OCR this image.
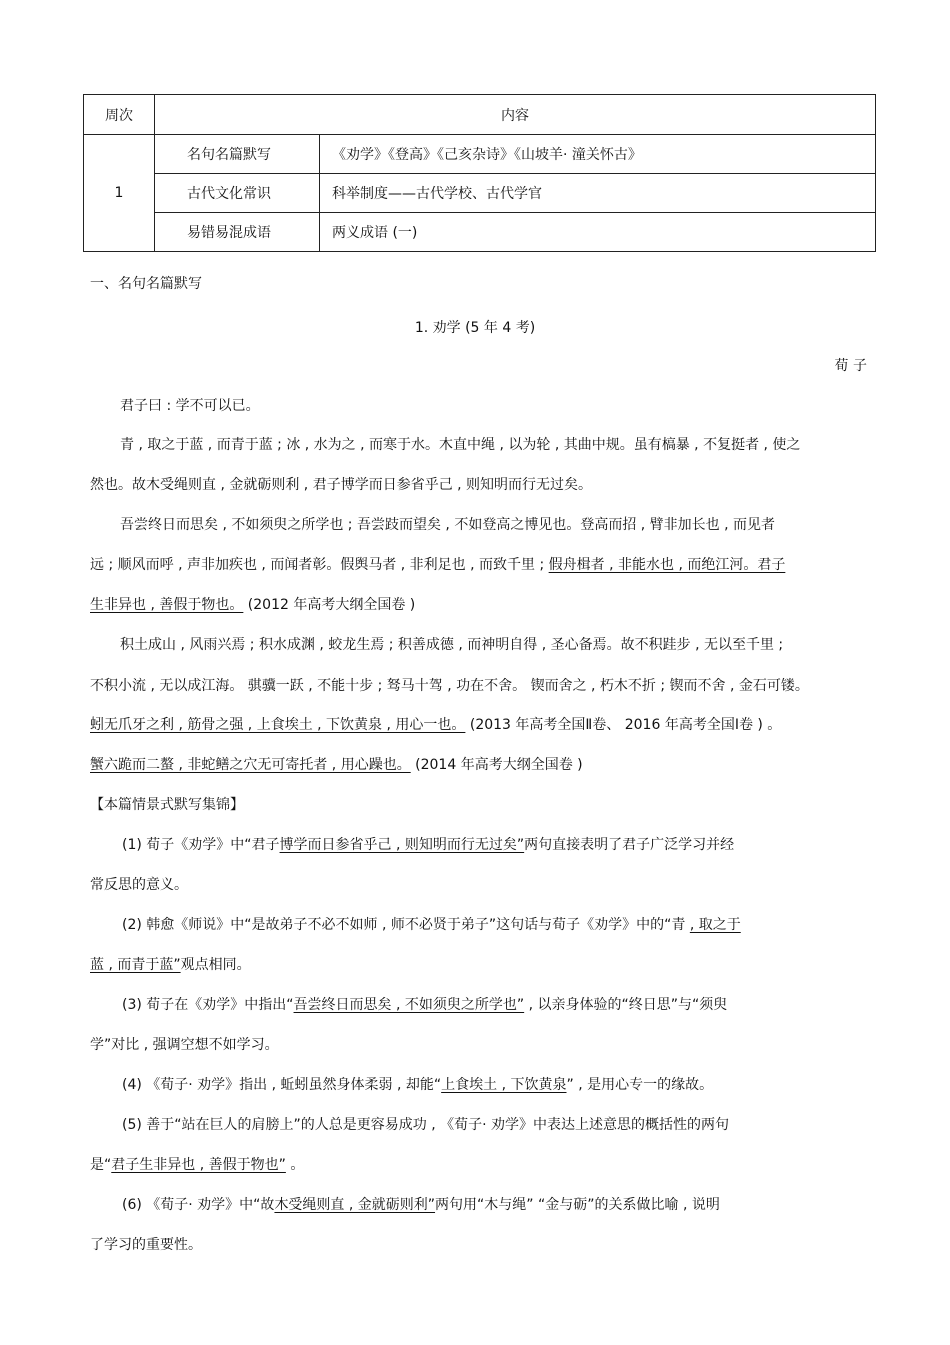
周次	内容	
1	名句名篇默写	《劝学》《登高》《己亥杂诗》《山坡羊· 潼关怀古》
	古代文化常识	科举制度——古代学校、古代学官
	易错易混成语	两义成语 (一)
一、名句名篇默写
1. 劝学 (5 年 4 考)
荀 子
君子曰 : 学不可以已。
青 , 取之于蓝 , 而青于蓝 ; 冰 , 水为之 , 而寒于水。木直中绳 , 以为轮 , 其曲中规。虽有槁暴 , 不复挺者 , 使之
然也。故木受绳则直 , 金就砺则利 , 君子博学而日参省乎己 , 则知明而行无过矣。
吾尝终日而思矣 , 不如须臾之所学也 ; 吾尝跂而望矣 , 不如登高之博见也。登高而招 , 臂非加长也 , 而见者
远 ; 顺风而呼 , 声非加疾也 , 而闻者彰。假舆马者 , 非利足也 , 而致千里 ; 假舟楫者 , 非能水也 , 而绝江河。君子
生非异也 , 善假于物也。 (2012 年高考大纲全国卷 )
积土成山 , 风雨兴焉 ; 积水成渊 , 蛟龙生焉 ; 积善成德 , 而神明自得 , 圣心备焉。故不积跬步 , 无以至千里 ;
不积小流 , 无以成江海。 骐骥一跃 , 不能十步 ; 驽马十驾 , 功在不舍。 锲而舍之 , 朽木不折 ; 锲而不舍 , 金石可镂。
蚓无爪牙之利 , 筋骨之强 , 上食埃土 , 下饮黄泉 , 用心一也。 (2013 年高考全国Ⅱ卷、 2016 年高考全国Ⅰ卷 ) 。
蟹六跪而二螯 , 非蛇鳝之穴无可寄托者 , 用心躁也。 (2014 年高考大纲全国卷 )
【本篇情景式默写集锦】
(1) 荀子《劝学》中“君子博学而日参省乎己 , 则知明而行无过矣”两句直接表明了君子广泛学习并经
常反思的意义。
(2) 韩愈《师说》中“是故弟子不必不如师 , 师不必贤于弟子”这句话与荀子《劝学》中的“青 , 取之于
蓝 , 而青于蓝”观点相同。
(3) 荀子在《劝学》中指出“吾尝终日而思矣 , 不如须臾之所学也” , 以亲身体验的“终日思”与“须臾
学”对比 , 强调空想不如学习。
(4) 《荀子· 劝学》指出 , 蚯蚓虽然身体柔弱 , 却能“上食埃土 , 下饮黄泉” , 是用心专一的缘故。
(5) 善于“站在巨人的肩膀上”的人总是更容易成功 , 《荀子· 劝学》中表达上述意思的概括性的两句
是“君子生非异也 , 善假于物也” 。
(6) 《荀子· 劝学》中“故木受绳则直 , 金就砺则利”两句用“木与绳” “金与砺”的关系做比喻 , 说明
了学习的重要性。
